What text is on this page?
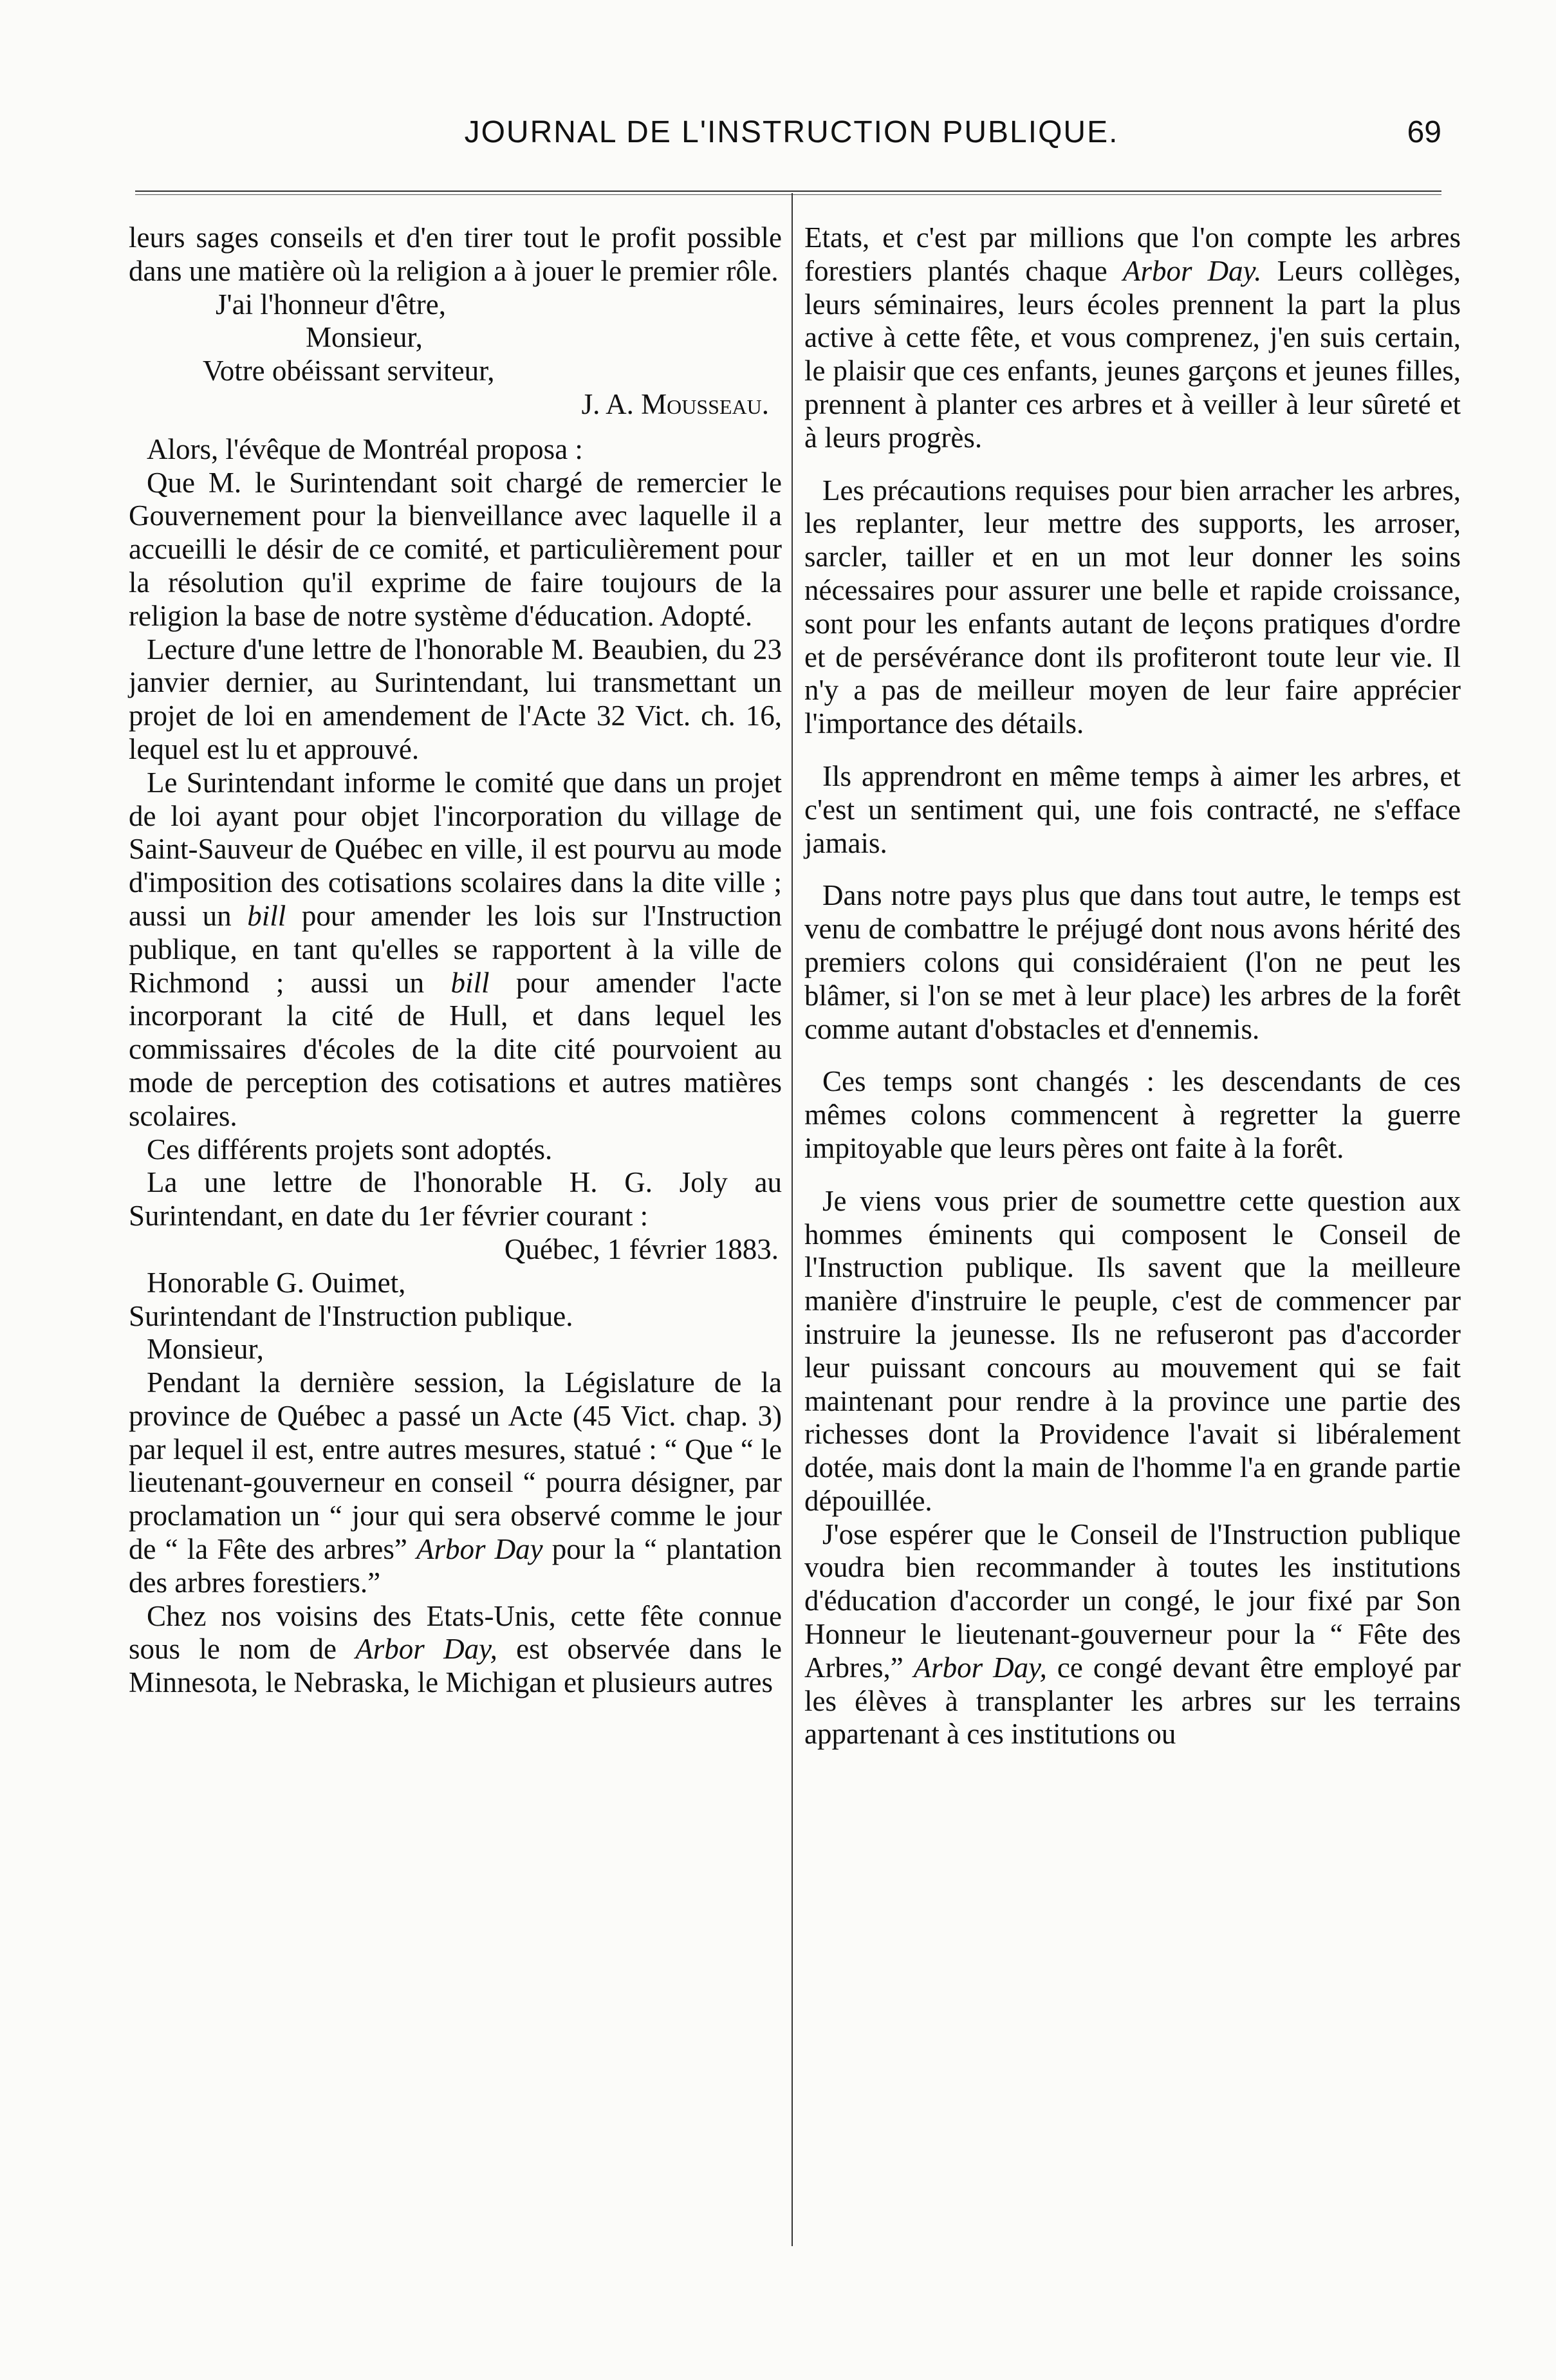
JOURNAL DE L'INSTRUCTION PUBLIQUE.	69

leurs sages conseils et d'en tirer tout le profit possible dans une matière où la religion a à jouer le premier rôle.

J'ai l'honneur d'être,

Monsieur,

Votre obéissant serviteur,

J. A. Mousseau.

Alors, l'évêque de Montréal proposa :

Que M. le Surintendant soit chargé de remercier le Gouvernement pour la bienveillance avec laquelle il a accueilli le désir de ce comité, et particulièrement pour la résolution qu'il exprime de faire toujours de la religion la base de notre système d'éducation. Adopté.

Lecture d'une lettre de l'honorable M. Beaubien, du 23 janvier dernier, au Surintendant, lui transmettant un projet de loi en amendement de l'Acte 32 Vict. ch. 16, lequel est lu et approuvé.

Le Surintendant informe le comité que dans un projet de loi ayant pour objet l'incorporation du village de Saint-Sauveur de Québec en ville, il est pourvu au mode d'imposition des cotisations scolaires dans la dite ville ; aussi un bill pour amender les lois sur l'Instruction publique, en tant qu'elles se rapportent à la ville de Richmond ; aussi un bill pour amender l'acte incorporant la cité de Hull, et dans lequel les commissaires d'écoles de la dite cité pourvoient au mode de perception des cotisations et autres matières scolaires.

Ces différents projets sont adoptés.

La une lettre de l'honorable H. G. Joly au Surintendant, en date du 1er février courant :

Québec, 1 février 1883.

Honorable G. Ouimet,

Surintendant de l'Instruction publique.

Monsieur,

Pendant la dernière session, la Législature de la province de Québec a passé un Acte (45 Vict. chap. 3) par lequel il est, entre autres mesures, statué : “ Que “ le lieutenant-gouverneur en conseil “ pourra désigner, par proclamation un “ jour qui sera observé comme le jour de “ la Fête des arbres” Arbor Day pour la “ plantation des arbres forestiers.”

Chez nos voisins des Etats-Unis, cette fête connue sous le nom de Arbor Day, est observée dans le Minnesota, le Nebraska, le Michigan et plusieurs autres

Etats, et c'est par millions que l'on compte les arbres forestiers plantés chaque Arbor Day. Leurs collèges, leurs séminaires, leurs écoles prennent la part la plus active à cette fête, et vous comprenez, j'en suis certain, le plaisir que ces enfants, jeunes garçons et jeunes filles, prennent à planter ces arbres et à veiller à leur sûreté et à leurs progrès.

Les précautions requises pour bien arracher les arbres, les replanter, leur mettre des supports, les arroser, sarcler, tailler et en un mot leur donner les soins nécessaires pour assurer une belle et rapide croissance, sont pour les enfants autant de leçons pratiques d'ordre et de persévérance dont ils profiteront toute leur vie. Il n'y a pas de meilleur moyen de leur faire apprécier l'importance des détails.

Ils apprendront en même temps à aimer les arbres, et c'est un sentiment qui, une fois contracté, ne s'efface jamais.

Dans notre pays plus que dans tout autre, le temps est venu de combattre le préjugé dont nous avons hérité des premiers colons qui considéraient (l'on ne peut les blâmer, si l'on se met à leur place) les arbres de la forêt comme autant d'obstacles et d'ennemis.

Ces temps sont changés : les descendants de ces mêmes colons commencent à regretter la guerre impitoyable que leurs pères ont faite à la forêt.

Je viens vous prier de soumettre cette question aux hommes éminents qui composent le Conseil de l'Instruction publique. Ils savent que la meilleure manière d'instruire le peuple, c'est de commencer par instruire la jeunesse. Ils ne refuseront pas d'accorder leur puissant concours au mouvement qui se fait maintenant pour rendre à la province une partie des richesses dont la Providence l'avait si libéralement dotée, mais dont la main de l'homme l'a en grande partie dépouillée.

J'ose espérer que le Conseil de l'Instruction publique voudra bien recommander à toutes les institutions d'éducation d'accorder un congé, le jour fixé par Son Honneur le lieutenant-gouverneur pour la “ Fête des Arbres,” Arbor Day, ce congé devant être employé par les élèves à transplanter les arbres sur les terrains appartenant à ces institutions ou
